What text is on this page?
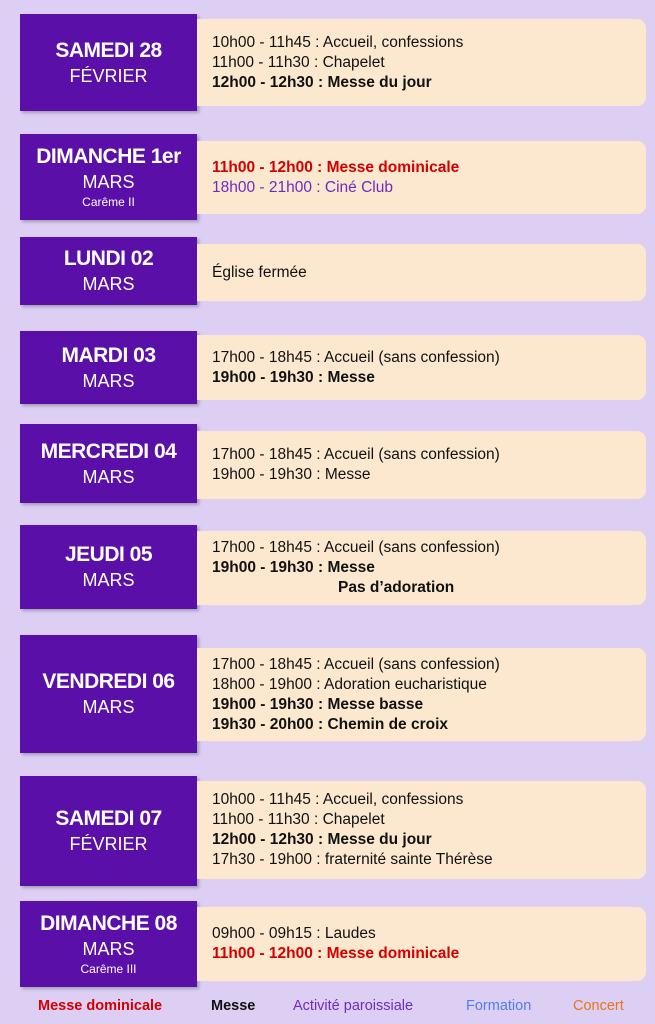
SAMEDI 28
FÉVRIER
10h00 - 11h45 : Accueil, confessions
11h00 - 11h30 : Chapelet
12h00 - 12h30 : Messe du jour
DIMANCHE 1er
MARS
Carême II
11h00 - 12h00 : Messe dominicale
18h00 - 21h00 : Ciné Club
LUNDI 02
MARS
Église fermée
MARDI 03
MARS
17h00 - 18h45 : Accueil (sans confession)
19h00 - 19h30 : Messe
MERCREDI 04
MARS
17h00 - 18h45 : Accueil (sans confession)
19h00 - 19h30 : Messe
JEUDI 05
MARS
17h00 - 18h45 : Accueil (sans confession)
19h00 - 19h30 : Messe
Pas d’adoration
VENDREDI 06
MARS
17h00 - 18h45 : Accueil (sans confession)
18h00 - 19h00 : Adoration eucharistique
19h00 - 19h30 : Messe basse
19h30 - 20h00 : Chemin de croix
SAMEDI 07
FÉVRIER
10h00 - 11h45 : Accueil, confessions
11h00 - 11h30 : Chapelet
12h00 - 12h30 : Messe du jour
17h30 - 19h00 : fraternité sainte Thérèse
DIMANCHE 08
MARS
Carême III
09h00 - 09h15 : Laudes
11h00 - 12h00 : Messe dominicale
Messe dominicale	Messe	Activité paroissiale	Formation	Concert
